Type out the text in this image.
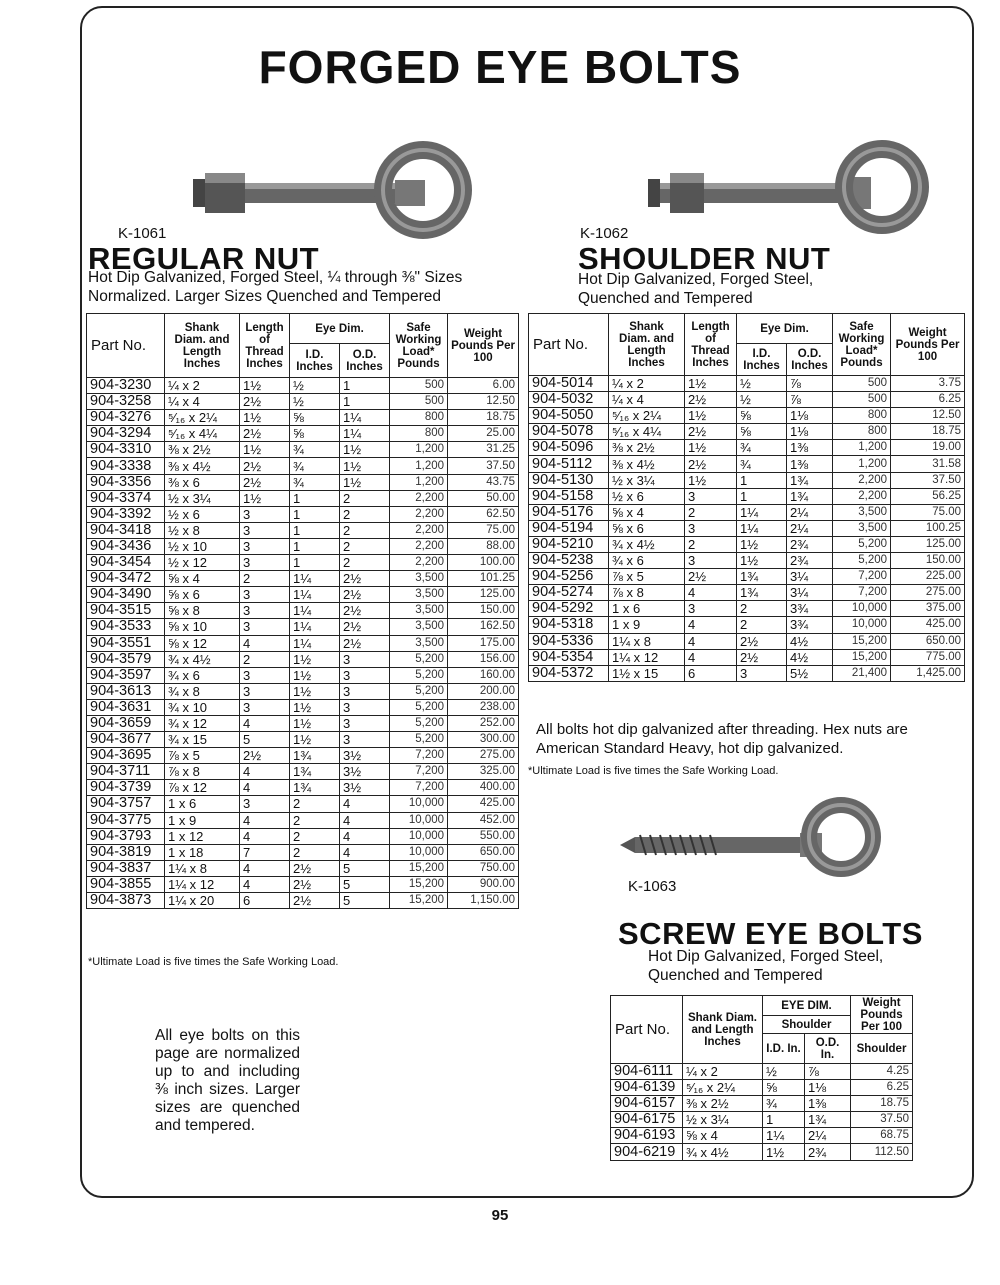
FORGED EYE BOLTS
K-1061
REGULAR NUT
Hot Dip Galvanized, Forged Steel, ¼ through ⅜" Sizes
Normalized. Larger Sizes Quenched and Tempered
Part No.	Shank Diam. and Length Inches	Length of Thread Inches	Eye Dim.		Safe Working Load* Pounds	Weight Pounds Per 100
			I.D. Inches	O.D. Inches		
904-3230	¼ x 2	1½	½	1	500	6.00
904-3258	¼ x 4	2½	½	1	500	12.50
904-3276	⁵⁄₁₆ x 2¼	1½	⅝	1¼	800	18.75
904-3294	⁵⁄₁₆ x 4¼	2½	⅝	1¼	800	25.00
904-3310	⅜ x 2½	1½	¾	1½	1,200	31.25
904-3338	⅜ x 4½	2½	¾	1½	1,200	37.50
904-3356	⅜ x 6	2½	¾	1½	1,200	43.75
904-3374	½ x 3¼	1½	1	2	2,200	50.00
904-3392	½ x 6	3	1	2	2,200	62.50
904-3418	½ x 8	3	1	2	2,200	75.00
904-3436	½ x 10	3	1	2	2,200	88.00
904-3454	½ x 12	3	1	2	2,200	100.00
904-3472	⅝ x 4	2	1¼	2½	3,500	101.25
904-3490	⅝ x 6	3	1¼	2½	3,500	125.00
904-3515	⅝ x 8	3	1¼	2½	3,500	150.00
904-3533	⅝ x 10	3	1¼	2½	3,500	162.50
904-3551	⅝ x 12	4	1¼	2½	3,500	175.00
904-3579	¾ x 4½	2	1½	3	5,200	156.00
904-3597	¾ x 6	3	1½	3	5,200	160.00
904-3613	¾ x 8	3	1½	3	5,200	200.00
904-3631	¾ x 10	3	1½	3	5,200	238.00
904-3659	¾ x 12	4	1½	3	5,200	252.00
904-3677	¾ x 15	5	1½	3	5,200	300.00
904-3695	⅞ x 5	2½	1¾	3½	7,200	275.00
904-3711	⅞ x 8	4	1¾	3½	7,200	325.00
904-3739	⅞ x 12	4	1¾	3½	7,200	400.00
904-3757	1 x 6	3	2	4	10,000	425.00
904-3775	1 x 9	4	2	4	10,000	452.00
904-3793	1 x 12	4	2	4	10,000	550.00
904-3819	1 x 18	7	2	4	10,000	650.00
904-3837	1¼ x 8	4	2½	5	15,200	750.00
904-3855	1¼ x 12	4	2½	5	15,200	900.00
904-3873	1¼ x 20	6	2½	5	15,200	1,150.00
*Ultimate Load is five times the Safe Working Load.
K-1062
SHOULDER NUT
Hot Dip Galvanized, Forged Steel,
Quenched and Tempered
Part No.	Shank Diam. and Length Inches	Length of Thread Inches	Eye Dim.		Safe Working Load* Pounds	Weight Pounds Per 100
			I.D. Inches	O.D. Inches		
904-5014	¼ x 2	1½	½	⅞	500	3.75
904-5032	¼ x 4	2½	½	⅞	500	6.25
904-5050	⁵⁄₁₆ x 2¼	1½	⅝	1⅛	800	12.50
904-5078	⁵⁄₁₆ x 4¼	2½	⅝	1⅛	800	18.75
904-5096	⅜ x 2½	1½	¾	1⅜	1,200	19.00
904-5112	⅜ x 4½	2½	¾	1⅜	1,200	31.58
904-5130	½ x 3¼	1½	1	1¾	2,200	37.50
904-5158	½ x 6	3	1	1¾	2,200	56.25
904-5176	⅝ x 4	2	1¼	2¼	3,500	75.00
904-5194	⅝ x 6	3	1¼	2¼	3,500	100.25
904-5210	¾ x 4½	2	1½	2¾	5,200	125.00
904-5238	¾ x 6	3	1½	2¾	5,200	150.00
904-5256	⅞ x 5	2½	1¾	3¼	7,200	225.00
904-5274	⅞ x 8	4	1¾	3¼	7,200	275.00
904-5292	1 x 6	3	2	3¾	10,000	375.00
904-5318	1 x 9	4	2	3¾	10,000	425.00
904-5336	1¼ x 8	4	2½	4½	15,200	650.00
904-5354	1¼ x 12	4	2½	4½	15,200	775.00
904-5372	1½ x 15	6	3	5½	21,400	1,425.00
All bolts hot dip galvanized after threading. Hex nuts are
American Standard Heavy, hot dip galvanized.
*Ultimate Load is five times the Safe Working Load.
K-1063
SCREW EYE BOLTS
Hot Dip Galvanized, Forged Steel,
Quenched and Tempered
Part No.	Shank Diam. and Length Inches	EYE DIM.		Weight Pounds Per 100
		Shoulder		
		I.D. In.	O.D. In.	Shoulder
904-6111	¼ x 2	½	⅞	4.25
904-6139	⁵⁄₁₆ x 2¼	⅝	1⅛	6.25
904-6157	⅜ x 2½	¾	1⅜	18.75
904-6175	½ x 3¼	1	1¾	37.50
904-6193	⅝ x 4	1¼	2¼	68.75
904-6219	¾ x 4½	1½	2¾	112.50
All eye bolts on this page are normalized up to and including ⅜ inch sizes. Larger sizes are quenched and tempered.
95
